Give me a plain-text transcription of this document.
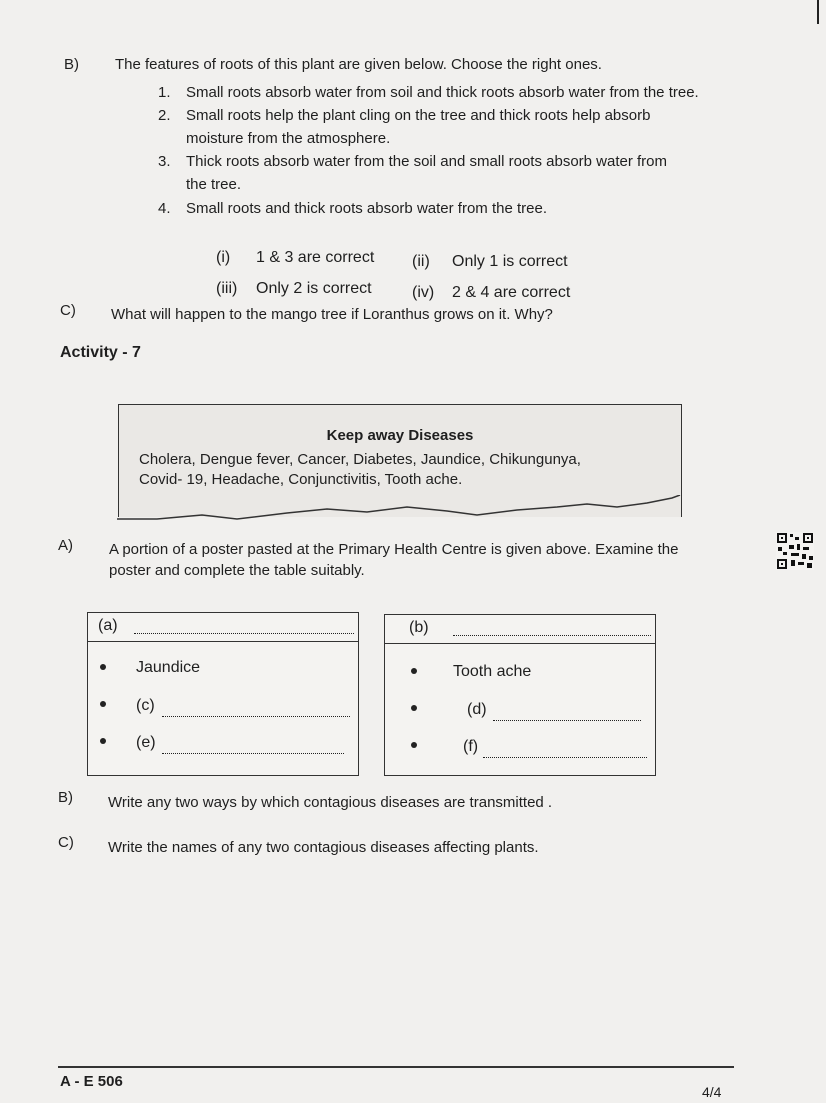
B) The features of roots of this plant are given below. Choose the right ones.
1. Small roots absorb water from soil and thick roots absorb water from the tree.
2. Small roots help the plant cling on the tree and thick roots help absorb
moisture from the atmosphere.
3. Thick roots absorb water from the soil and small roots absorb water from
the tree.
4. Small roots and thick roots absorb water from the tree.
(i) 1 & 3 are correct (ii) Only 1 is correct
(iii) Only 2 is correct	(iv) 2 & 4 are correct
C) What will happen to the mango tree if Loranthus grows on it. Why?
Activity - 7
Keep away Diseases
Cholera, Dengue fever, Cancer, Diabetes, Jaundice, Chikungunya,
Covid- 19, Headache, Conjunctivitis, Tooth ache.
A) A portion of a poster pasted at the Primary Health Centre is given above. Examine the
poster and complete the table suitably.
(a)
Jaundice
(c)
(e)
(b)
Tooth ache
(d)
(f)
B) Write any two ways by which contagious diseases are transmitted .
C) Write the names of any two contagious diseases affecting plants.
A - E 506
4/4
